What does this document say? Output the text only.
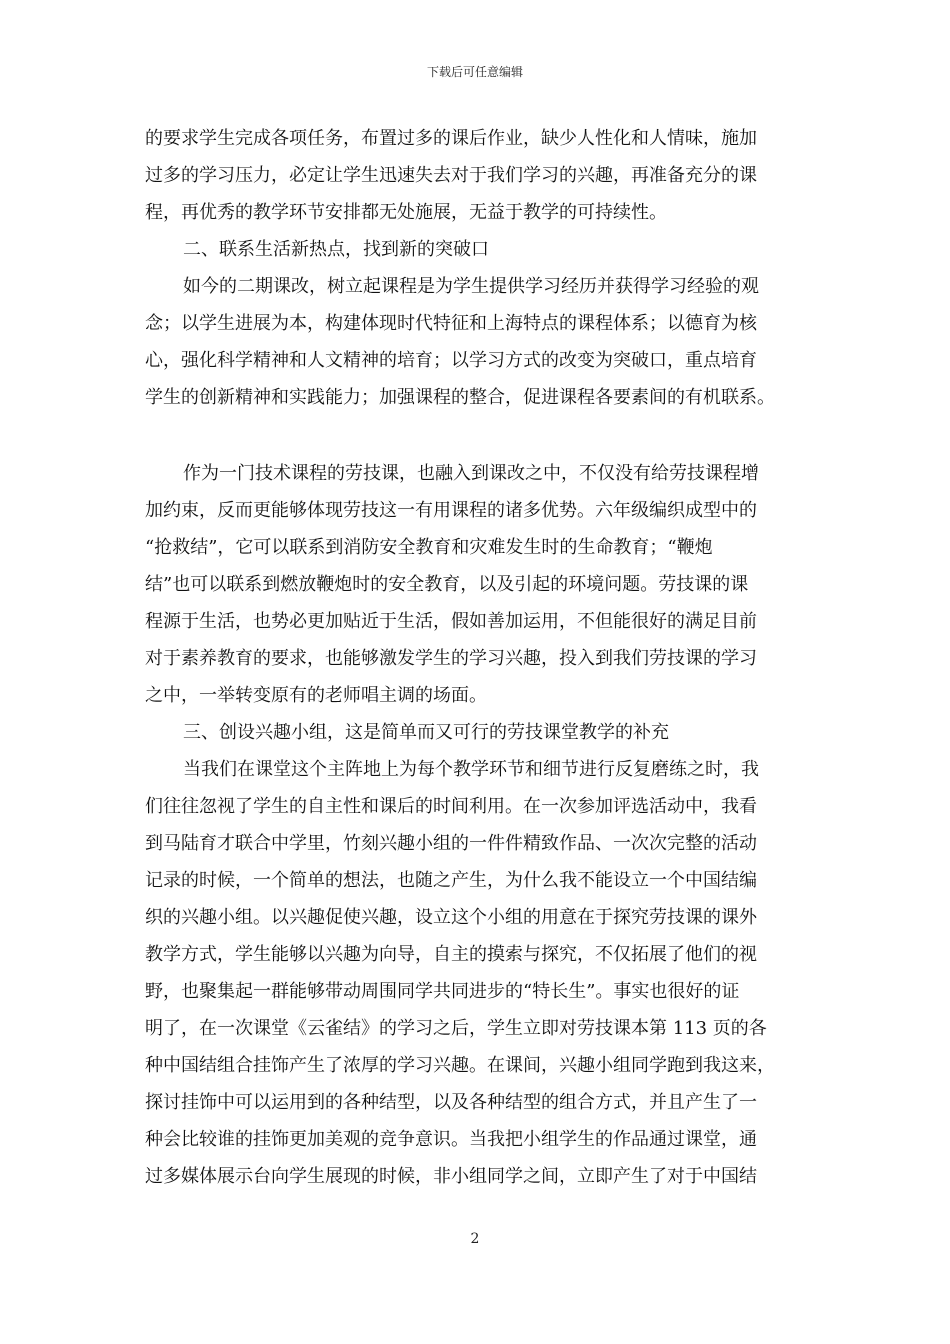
下载后可任意编辑

的要求学生完成各项任务，布置过多的课后作业，缺少人性化和人情味，施加
过多的学习压力，必定让学生迅速失去对于我们学习的兴趣，再准备充分的课
程，再优秀的教学环节安排都无处施展，无益于教学的可持续性。

二、联系生活新热点，找到新的突破口

如今的二期课改，树立起课程是为学生提供学习经历并获得学习经验的观
念；以学生进展为本，构建体现时代特征和上海特点的课程体系；以德育为核
心，强化科学精神和人文精神的培育；以学习方式的改变为突破口，重点培育
学生的创新精神和实践能力；加强课程的整合，促进课程各要素间的有机联系。

作为一门技术课程的劳技课，也融入到课改之中，不仅没有给劳技课程增
加约束，反而更能够体现劳技这一有用课程的诸多优势。六年级编织成型中的
“抢救结”，它可以联系到消防安全教育和灾难发生时的生命教育；“鞭炮
结”也可以联系到燃放鞭炮时的安全教育，以及引起的环境问题。劳技课的课
程源于生活，也势必更加贴近于生活，假如善加运用，不但能很好的满足目前
对于素养教育的要求，也能够激发学生的学习兴趣，投入到我们劳技课的学习
之中，一举转变原有的老师唱主调的场面。

三、创设兴趣小组，这是简单而又可行的劳技课堂教学的补充

当我们在课堂这个主阵地上为每个教学环节和细节进行反复磨练之时，我
们往往忽视了学生的自主性和课后的时间利用。在一次参加评选活动中，我看
到马陆育才联合中学里，竹刻兴趣小组的一件件精致作品、一次次完整的活动
记录的时候，一个简单的想法，也随之产生，为什么我不能设立一个中国结编
织的兴趣小组。以兴趣促使兴趣，设立这个小组的用意在于探究劳技课的课外
教学方式，学生能够以兴趣为向导，自主的摸索与探究，不仅拓展了他们的视
野，也聚集起一群能够带动周围同学共同进步的“特长生”。事实也很好的证
明了，在一次课堂《云雀结》的学习之后，学生立即对劳技课本第 113 页的各
种中国结组合挂饰产生了浓厚的学习兴趣。在课间，兴趣小组同学跑到我这来，
探讨挂饰中可以运用到的各种结型，以及各种结型的组合方式，并且产生了一
种会比较谁的挂饰更加美观的竞争意识。当我把小组学生的作品通过课堂，通
过多媒体展示台向学生展现的时候，非小组同学之间，立即产生了对于中国结

2
